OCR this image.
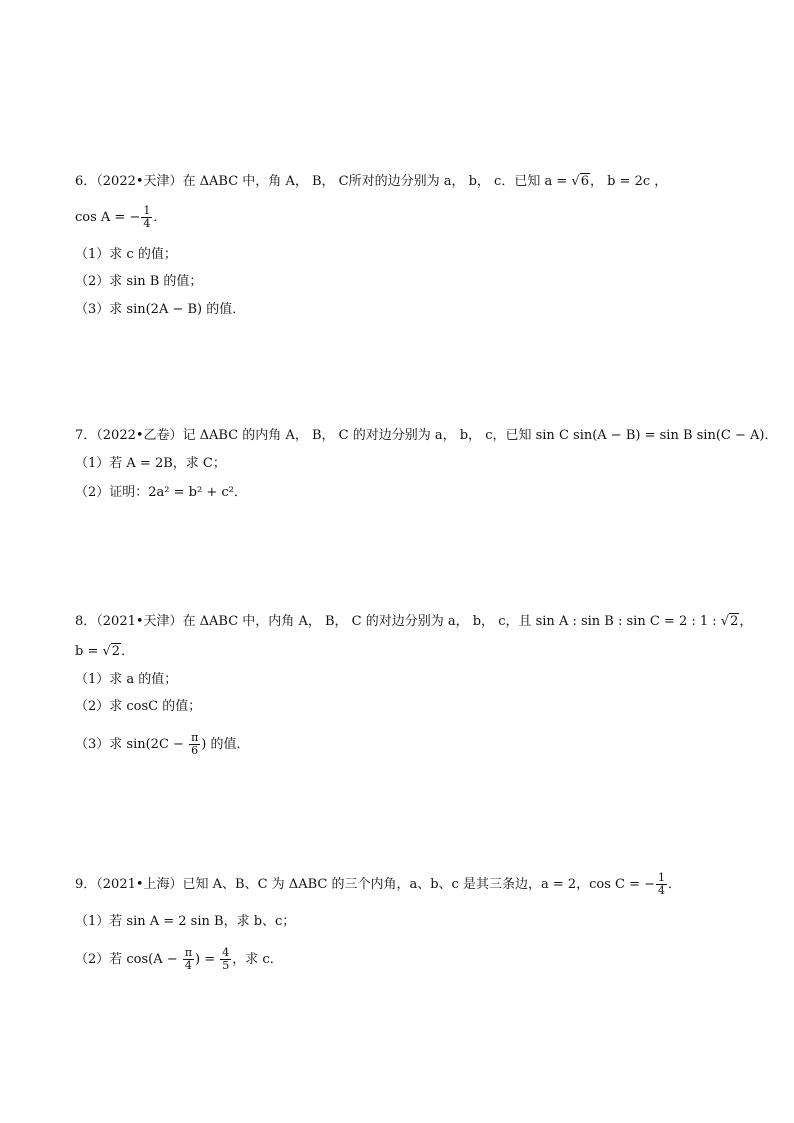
6．（2022•天津）在 ΔABC 中，角 A， B， C所对的边分别为 a， b， c．已知 a = √6， b = 2c ，
cos A = − $\frac{1}{4}$ ．
（1）求 c 的值；
（2）求 sin B 的值；
（3）求 sin(2A − B) 的值．
7．（2022•乙卷）记 ΔABC 的内角 A， B， C 的对边分别为 a， b， c，已知 sin C sin(A − B) = sin B sin(C − A)．
（1）若 A = 2B，求 C；
（2）证明：2a² = b² + c²．
8．（2021•天津）在 ΔABC 中，内角 A， B， C 的对边分别为 a， b， c，且 sin A : sin B : sin C = 2 : 1 : √2，
b = √2．
（1）求 a 的值；
（2）求 cosC 的值；
（3）求 $\sin(2C - \frac{\pi}{6}$ ) 的值．
9．（2021•上海）已知 A、B、C 为 ΔABC 的三个内角，a、b、c 是其三条边，a = 2，cos C = − $\frac{1}{4}$ ．
（1）若 sin A = 2 sin B，求 b、c；
（2）若 $\cos(A - \frac{\pi}{4}$ ) = $\frac{4}{5}$ ，求 c．
